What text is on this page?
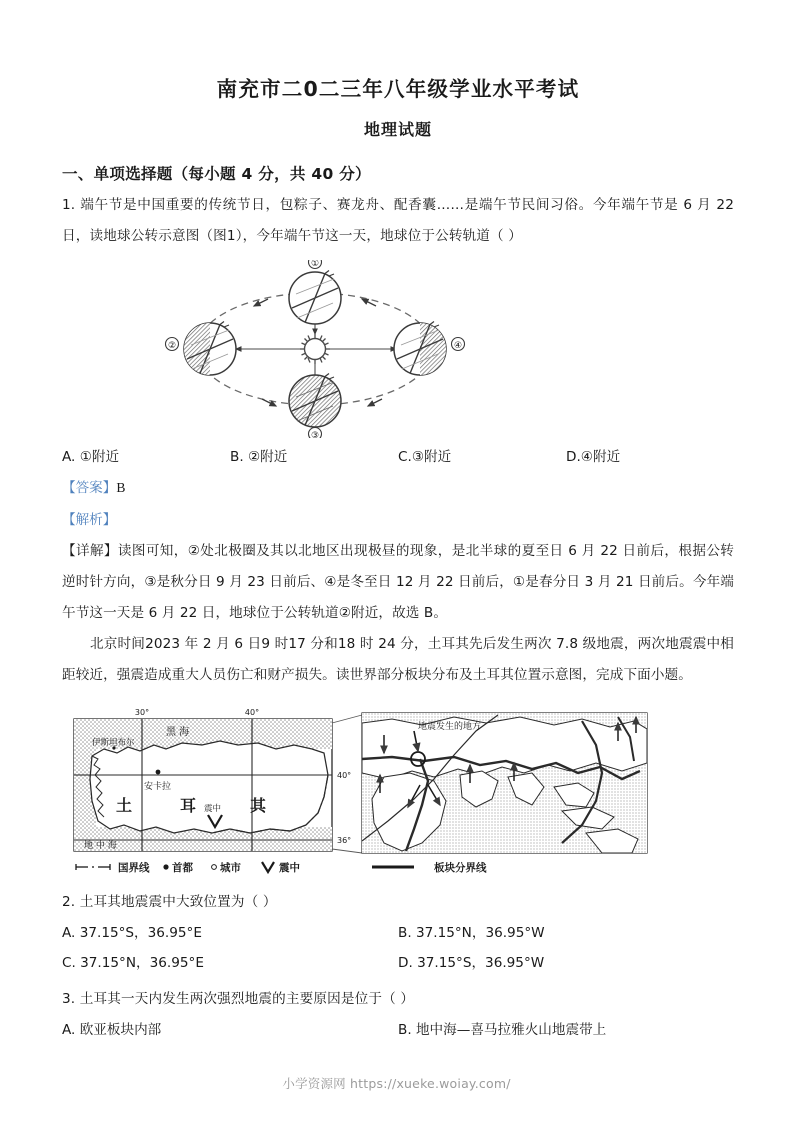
南充市二0二三年八年级学业水平考试
地理试题
一、单项选择题（每小题 4 分，共 40 分）
1. 端午节是中国重要的传统节日，包粽子、赛龙舟、配香囊……是端午节民间习俗。今年端午节是 6 月 22 日，读地球公转示意图（图1），今年端午节这一天，地球位于公转轨道（ ）
①
②
③
④
A. ①附近	B. ②附近	C.③附近	D.④附近
【答案】B
【解析】
【详解】读图可知，②处北极圈及其以北地区出现极昼的现象，是北半球的夏至日 6 月 22 日前后，根据公转逆时针方向，③是秋分日 9 月 23 日前后、④是冬至日 12 月 22 日前后，①是春分日 3 月 21 日前后。今年端午节这一天是 6 月 22 日，地球位于公转轨道②附近，故选 B。
北京时间2023 年 2 月 6 日9 时17 分和18 时 24 分，土耳其先后发生两次 7.8 级地震，两次地震震中相距较近，强震造成重大人员伤亡和财产损失。读世界部分板块分布及土耳其位置示意图，完成下面小题。
30°	40°
40°
36°
黑 海
地 中 海
伊斯坦布尔
安卡拉
土	耳	其
震中
国界线 首都	城市	震中
地震发生的地方
板块分界线
2. 土耳其地震震中大致位置为（ ）
A. 37.15°S，36.95°E	B. 37.15°N，36.95°W
C. 37.15°N，36.95°E	D. 37.15°S，36.95°W
3. 土耳其一天内发生两次强烈地震的主要原因是位于（ ）
A. 欧亚板块内部	B. 地中海—喜马拉雅火山地震带上
小学资源网 https://xueke.woiay.com/
